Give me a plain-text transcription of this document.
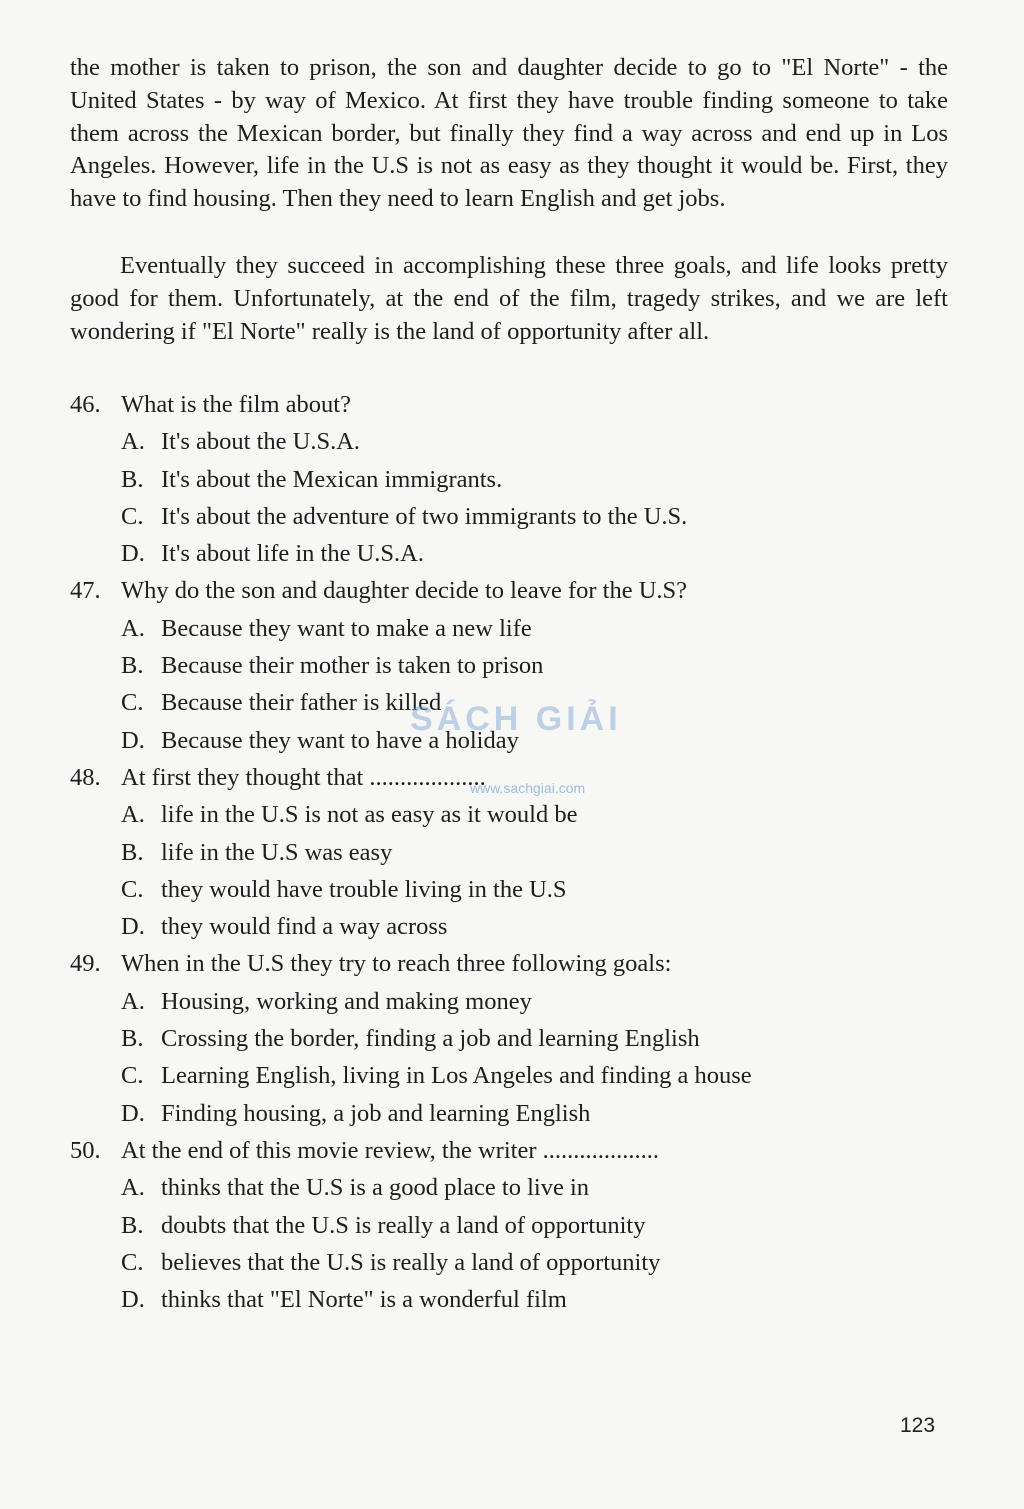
the mother is taken to prison, the son and daughter decide to go to "El Norte" - the United States - by way of Mexico. At first they have trouble finding someone to take them across the Mexican border, but finally they find a way across and end up in Los Angeles. However, life in the U.S is not as easy as they thought it would be. First, they have to find housing. Then they need to learn English and get jobs.

Eventually they succeed in accomplishing these three goals, and life looks pretty good for them. Unfortunately, at the end of the film, tragedy strikes, and we are left wondering if "El Norte" really is the land of opportunity after all.

46. What is the film about?
A. It's about the U.S.A.
B. It's about the Mexican immigrants.
C. It's about the adventure of two immigrants to the U.S.
D. It's about life in the U.S.A.
47. Why do the son and daughter decide to leave for the U.S?
A. Because they want to make a new life
B. Because their mother is taken to prison
C. Because their father is killed
D. Because they want to have a holiday
48. At first they thought that ...................
A. life in the U.S is not as easy as it would be
B. life in the U.S was easy
C. they would have trouble living in the U.S
D. they would find a way across
49. When in the U.S they try to reach three following goals:
A. Housing, working and making money
B. Crossing the border, finding a job and learning English
C. Learning English, living in Los Angeles and finding a house
D. Finding housing, a job and learning English
50. At the end of this movie review, the writer ...................
A. thinks that the U.S is a good place to live in
B. doubts that the U.S is really a land of opportunity
C. believes that the U.S is really a land of opportunity
D. thinks that "El Norte" is a wonderful film
SÁCH GIẢI
www.sachgiai.com
123
